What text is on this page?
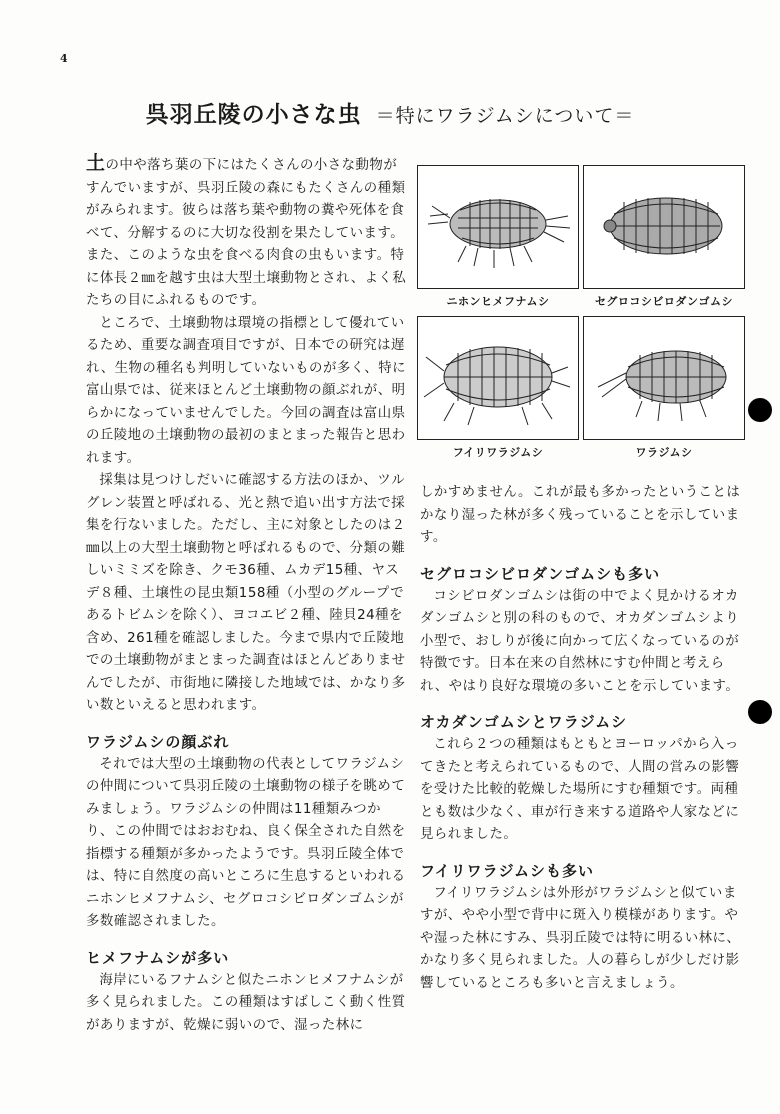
4
呉羽丘陵の小さな虫 ＝特にワラジムシについて＝

土の中や落ち葉の下にはたくさんの小さな動物がすんでいますが、呉羽丘陵の森にもたくさんの種類がみられます。彼らは落ち葉や動物の糞や死体を食べて、分解するのに大切な役割を果たしています。また、このような虫を食べる肉食の虫もいます。特に体長２㎜を越す虫は大型土壌動物とされ、よく私たちの目にふれるものです。

ところで、土壌動物は環境の指標として優れているため、重要な調査項目ですが、日本での研究は遅れ、生物の種名も判明していないものが多く、特に富山県では、従来ほとんど土壌動物の顔ぶれが、明らかになっていませんでした。今回の調査は富山県の丘陵地の土壌動物の最初のまとまった報告と思われます。

採集は見つけしだいに確認する方法のほか、ツルグレン装置と呼ばれる、光と熱で追い出す方法で採集を行ないました。ただし、主に対象としたのは２㎜以上の大型土壌動物と呼ばれるもので、分類の難しいミミズを除き、クモ36種、ムカデ15種、ヤスデ８種、土壌性の昆虫類158種（小型のグループであるトビムシを除く）、ヨコエビ２種、陸貝24種を含め、261種を確認しました。今まで県内で丘陵地での土壌動物がまとまった調査はほとんどありませんでしたが、市街地に隣接した地域では、かなり多い数といえると思われます。

ワラジムシの顔ぶれ

それでは大型の土壌動物の代表としてワラジムシの仲間について呉羽丘陵の土壌動物の様子を眺めてみましょう。ワラジムシの仲間は11種類みつかり、この仲間ではおおむね、良く保全された自然を指標する種類が多かったようです。呉羽丘陵全体では、特に自然度の高いところに生息するといわれるニホンヒメフナムシ、セグロコシビロダンゴムシが多数確認されました。

ヒメフナムシが多い

海岸にいるフナムシと似たニホンヒメフナムシが多く見られました。この種類はすばしこく動く性質がありますが、乾燥に弱いので、湿った林に

ニホンヒメフナムシ	セグロコシビロダンゴムシ
フイリワラジムシ	ワラジムシ

しかすめません。これが最も多かったということはかなり湿った林が多く残っていることを示しています。

セグロコシビロダンゴムシも多い

コシビロダンゴムシは街の中でよく見かけるオカダンゴムシと別の科のもので、オカダンゴムシより小型で、おしりが後に向かって広くなっているのが特徴です。日本在来の自然林にすむ仲間と考えられ、やはり良好な環境の多いことを示しています。

オカダンゴムシとワラジムシ

これら２つの種類はもともとヨーロッパから入ってきたと考えられているもので、人間の営みの影響を受けた比較的乾燥した場所にすむ種類です。両種とも数は少なく、車が行き来する道路や人家などに見られました。

フイリワラジムシも多い

フイリワラジムシは外形がワラジムシと似ていますが、やや小型で背中に斑入り模様があります。やや湿った林にすみ、呉羽丘陵では特に明るい林に、かなり多く見られました。人の暮らしが少しだけ影響しているところも多いと言えましょう。
